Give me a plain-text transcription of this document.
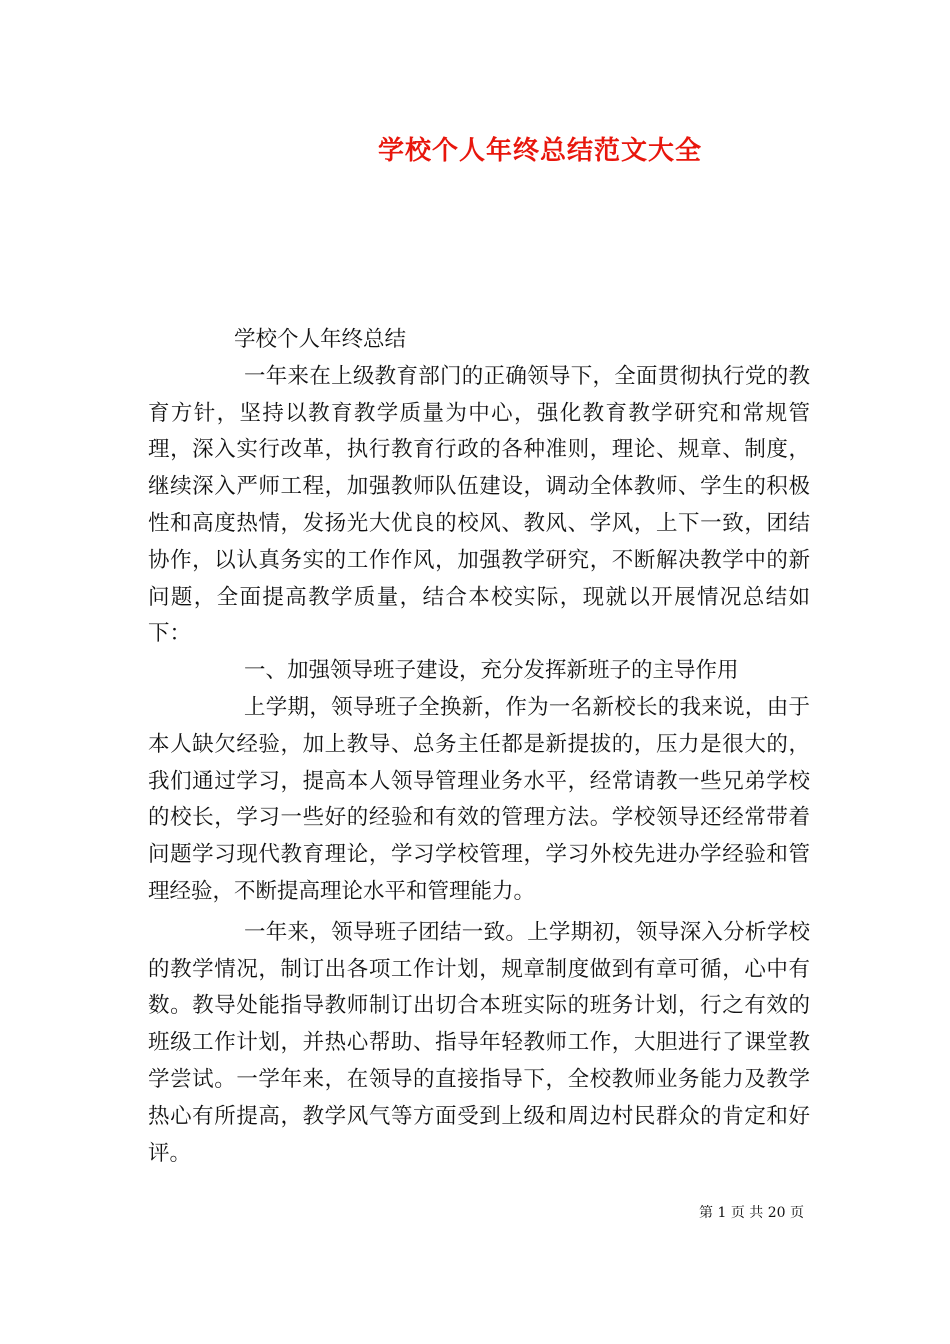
学校个人年终总结范文大全

学校个人年终总结

一年来在上级教育部门的正确领导下，全面贯彻执行党的教育方针，坚持以教育教学质量为中心，强化教育教学研究和常规管理，深入实行改革，执行教育行政的各种准则，理论、规章、制度，继续深入严师工程，加强教师队伍建设，调动全体教师、学生的积极性和高度热情，发扬光大优良的校风、教风、学风，上下一致，团结协作，以认真务实的工作作风，加强教学研究，不断解决教学中的新问题，全面提高教学质量，结合本校实际，现就以开展情况总结如下：

一、加强领导班子建设，充分发挥新班子的主导作用

上学期，领导班子全换新，作为一名新校长的我来说，由于本人缺欠经验，加上教导、总务主任都是新提拔的，压力是很大的，我们通过学习，提高本人领导管理业务水平，经常请教一些兄弟学校的校长，学习一些好的经验和有效的管理方法。学校领导还经常带着问题学习现代教育理论，学习学校管理，学习外校先进办学经验和管理经验，不断提高理论水平和管理能力。

一年来，领导班子团结一致。上学期初，领导深入分析学校的教学情况，制订出各项工作计划，规章制度做到有章可循，心中有数。教导处能指导教师制订出切合本班实际的班务计划，行之有效的班级工作计划，并热心帮助、指导年轻教师工作，大胆进行了课堂教学尝试。一学年来，在领导的直接指导下，全校教师业务能力及教学热心有所提高，教学风气等方面受到上级和周边村民群众的肯定和好评。

第 1 页 共 20 页
